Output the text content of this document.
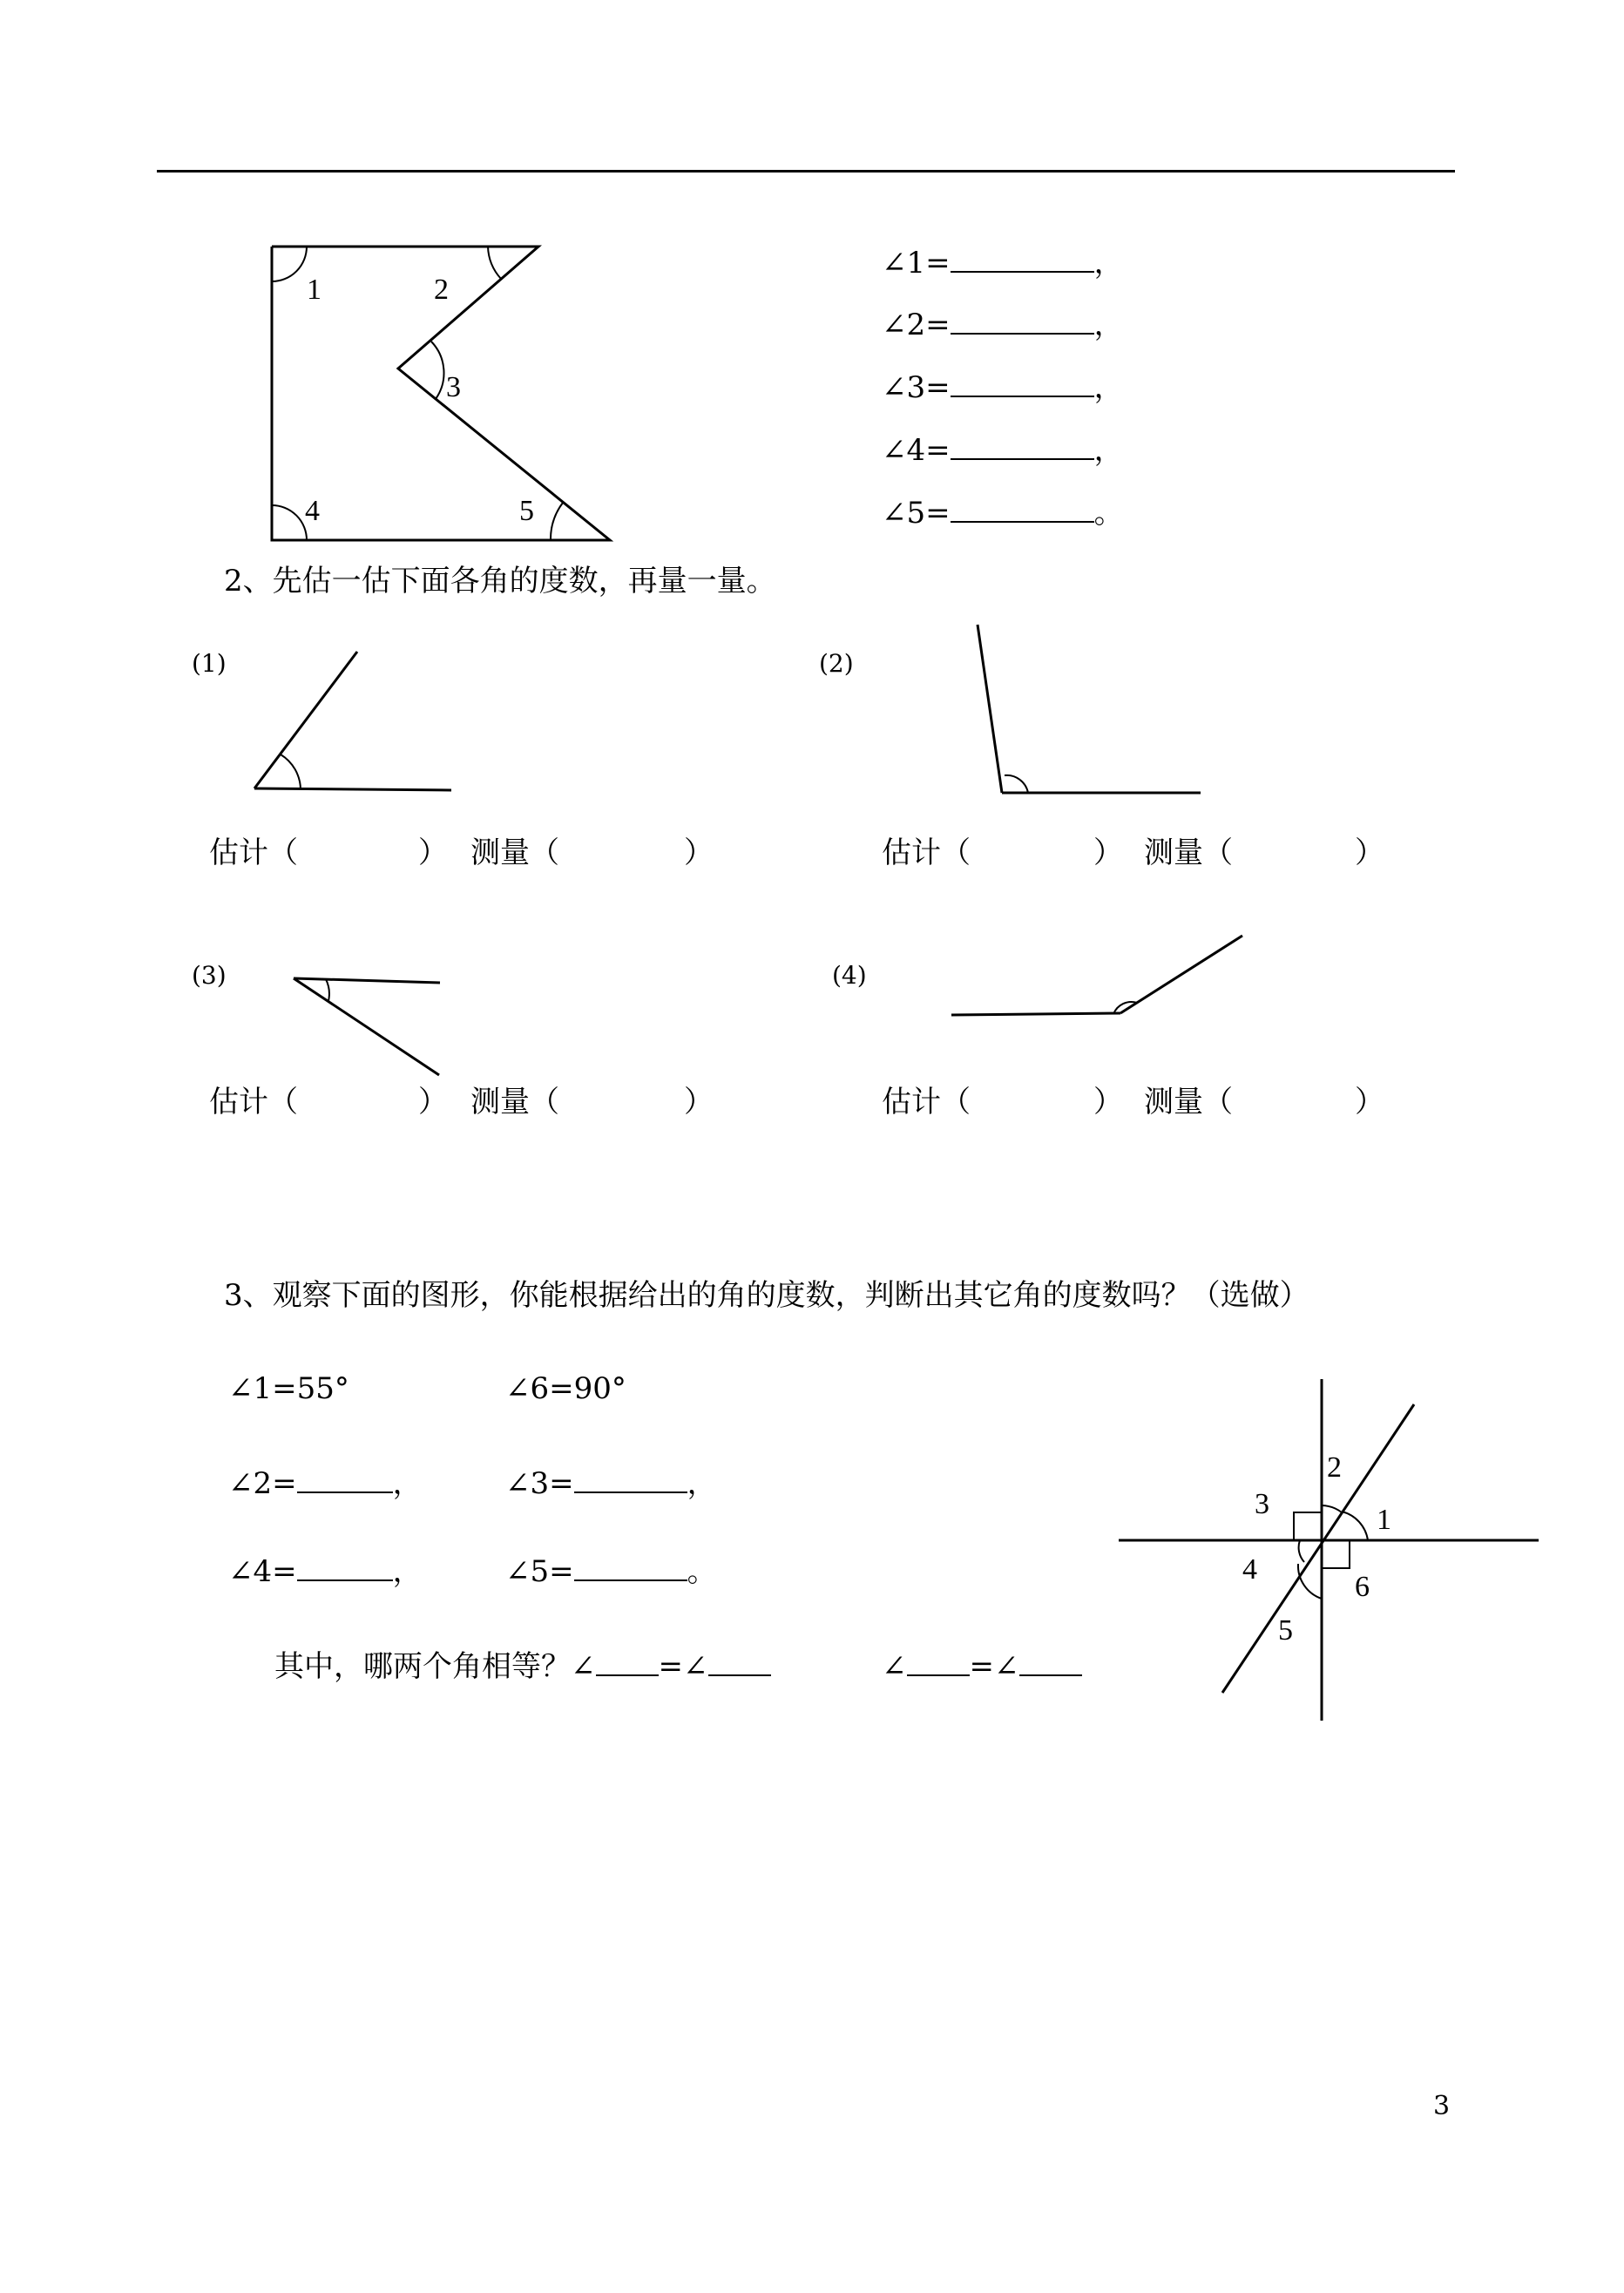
1	2
3
4	5
1
2
3
4
5
6
∠1=	，
∠2=	，
∠3=	，
∠4=	，
∠5=	。
2、先估一估下面各角的度数，再量一量。
(1)	(2)
(3)	(4)
估计（	） 测量（	）	估计（	） 测量（	）
估计（	） 测量（	）	估计（	） 测量（	）
3、观察下面的图形，你能根据给出的角的度数，判断出其它角的度数吗？（选做）
∠1=55°	∠6=90°
∠2=	，	∠3=	，
∠4=	，	∠5=	。
其中，哪两个角相等？∠ =∠	∠ =∠
3
